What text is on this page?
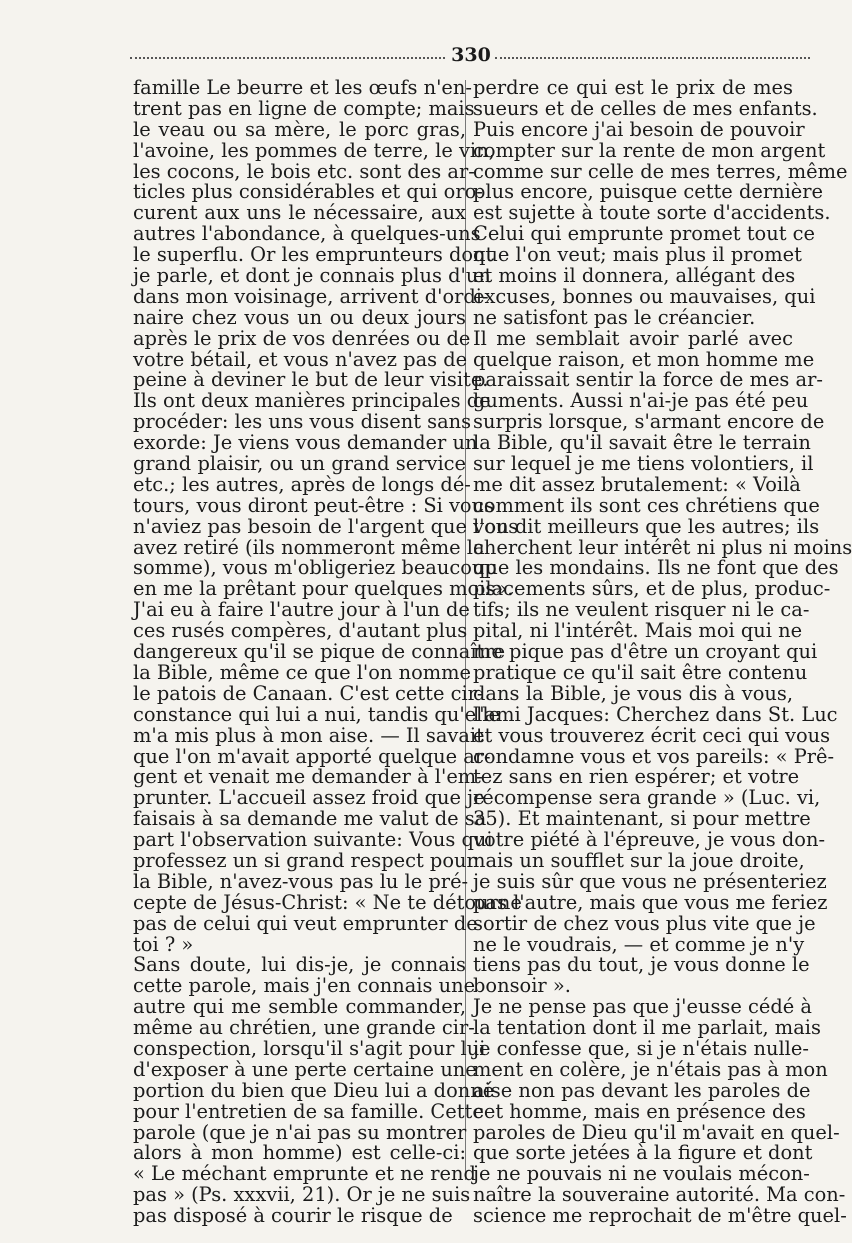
330
famille Le beurre et les œufs n'en-
trent pas en ligne de compte; mais
le veau ou sa mère, le porc gras,
l'avoine, les pommes de terre, le vin,
les cocons, le bois etc. sont des ar-
ticles plus considérables et qui oro-
curent aux uns le nécessaire, aux
autres l'abondance, à quelques-uns
le superflu. Or les emprunteurs dont
je parle, et dont je connais plus d'un
dans mon voisinage, arrivent d'ordi-
naire chez vous un ou deux jours
après le prix de vos denrées ou de
votre bétail, et vous n'avez pas de
peine à deviner le but de leur visite.
Ils ont deux manières principales de
procéder: les uns vous disent sans
exorde: Je viens vous demander un
grand plaisir, ou un grand service
etc.; les autres, après de longs dé-
tours, vous diront peut-être : Si vous
n'aviez pas besoin de l'argent que vous
avez retiré (ils nommeront même la
somme), vous m'obligeriez beaucoup
en me la prêtant pour quelques mois».
J'ai eu à faire l'autre jour à l'un de
ces rusés compères, d'autant plus
dangereux qu'il se pique de connaître
la Bible, même ce que l'on nomme
le patois de Canaan. C'est cette cir-
constance qui lui a nui, tandis qu'elle
m'a mis plus à mon aise. — Il savait
que l'on m'avait apporté quelque ar-
gent et venait me demander à l'em-
prunter. L'accueil assez froid que je
faisais à sa demande me valut de sa
part l'observation suivante: Vous qui
professez un si grand respect pour
la Bible, n'avez-vous pas lu le pré-
cepte de Jésus-Christ: « Ne te détourne
pas de celui qui veut emprunter de
toi ? »
Sans doute, lui dis-je, je connais
cette parole, mais j'en connais une
autre qui me semble commander,
même au chrétien, une grande cir-
conspection, lorsqu'il s'agit pour lui
d'exposer à une perte certaine une
portion du bien que Dieu lui a donné
pour l'entretien de sa famille. Cette
parole (que je n'ai pas su montrer
alors à mon homme) est celle-ci:
« Le méchant emprunte et ne rend
pas » (Ps. xxxvii, 21). Or je ne suis
pas disposé à courir le risque de
perdre ce qui est le prix de mes
sueurs et de celles de mes enfants.
Puis encore j'ai besoin de pouvoir
compter sur la rente de mon argent
comme sur celle de mes terres, même
plus encore, puisque cette dernière
est sujette à toute sorte d'accidents.
Celui qui emprunte promet tout ce
que l'on veut; mais plus il promet
et moins il donnera, allégant des
excuses, bonnes ou mauvaises, qui
ne satisfont pas le créancier.
Il me semblait avoir parlé avec
quelque raison, et mon homme me
paraissait sentir la force de mes ar-
guments. Aussi n'ai-je pas été peu
surpris lorsque, s'armant encore de
la Bible, qu'il savait être le terrain
sur lequel je me tiens volontiers, il
me dit assez brutalement: « Voilà
comment ils sont ces chrétiens que
l'on dit meilleurs que les autres; ils
cherchent leur intérêt ni plus ni moins
que les mondains. Ils ne font que des
placements sûrs, et de plus, produc-
tifs; ils ne veulent risquer ni le ca-
pital, ni l'intérêt. Mais moi qui ne
me pique pas d'être un croyant qui
pratique ce qu'il sait être contenu
dans la Bible, je vous dis à vous,
l'ami Jacques: Cherchez dans St. Luc
et vous trouverez écrit ceci qui vous
condamne vous et vos pareils: « Prê-
tez sans en rien espérer; et votre
récompense sera grande » (Luc. vi,
35). Et maintenant, si pour mettre
votre piété à l'épreuve, je vous don-
nais un soufflet sur la joue droite,
je suis sûr que vous ne présenteriez
pas l'autre, mais que vous me feriez
sortir de chez vous plus vite que je
ne le voudrais, — et comme je n'y
tiens pas du tout, je vous donne le
bonsoir ».
Je ne pense pas que j'eusse cédé à
la tentation dont il me parlait, mais
je confesse que, si je n'étais nulle-
ment en colère, je n'étais pas à mon
aise non pas devant les paroles de
cet homme, mais en présence des
paroles de Dieu qu'il m'avait en quel-
que sorte jetées à la figure et dont
je ne pouvais ni ne voulais mécon-
naître la souveraine autorité. Ma con-
science me reprochait de m'être quel-
